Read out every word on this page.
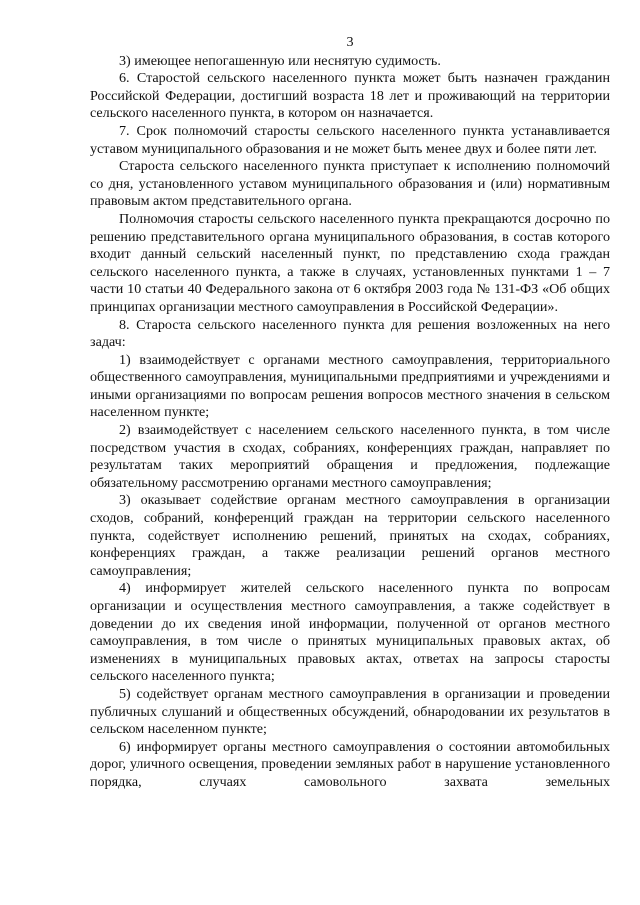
3

3) имеющее непогашенную или неснятую судимость.

6. Старостой сельского населенного пункта может быть назначен гражданин Российской Федерации, достигший возраста 18 лет и проживающий на территории сельского населенного пункта, в котором он назначается.

7. Срок полномочий старосты сельского населенного пункта устанавливается уставом муниципального образования и не может быть менее двух и более пяти лет.

Староста сельского населенного пункта приступает к исполнению полномочий со дня, установленного уставом муниципального образования и (или) нормативным правовым актом представительного органа.

Полномочия старосты сельского населенного пункта прекращаются досрочно по решению представительного органа муниципального образования, в состав которого входит данный сельский населенный пункт, по представлению схода граждан сельского населенного пункта, а также в случаях, установленных пунктами 1 – 7 части 10 статьи 40 Федерального закона от 6 октября 2003 года № 131-ФЗ «Об общих принципах организации местного самоуправления в Российской Федерации».

8. Староста сельского населенного пункта для решения возложенных на него задач:

1) взаимодействует с органами местного самоуправления, территориального общественного самоуправления, муниципальными предприятиями и учреждениями и иными организациями по вопросам решения вопросов местного значения в сельском населенном пункте;

2) взаимодействует с населением сельского населенного пункта, в том числе посредством участия в сходах, собраниях, конференциях граждан, направляет по результатам таких мероприятий обращения и предложения, подлежащие обязательному рассмотрению органами местного самоуправления;

3) оказывает содействие органам местного самоуправления в организации сходов, собраний, конференций граждан на территории сельского населенного пункта, содействует исполнению решений, принятых на сходах, собраниях, конференциях граждан, а также реализации решений органов местного самоуправления;

4) информирует жителей сельского населенного пункта по вопросам организации и осуществления местного самоуправления, а также содействует в доведении до их сведения иной информации, полученной от органов местного самоуправления, в том числе о принятых муниципальных правовых актах, об изменениях в муниципальных правовых актах, ответах на запросы старосты сельского населенного пункта;

5) содействует органам местного самоуправления в организации и проведении публичных слушаний и общественных обсуждений, обнародовании их результатов в сельском населенном пункте;

6) информирует органы местного самоуправления о состоянии автомобильных дорог, уличного освещения, проведении земляных работ в нарушение установленного порядка, случаях самовольного захвата земельных
